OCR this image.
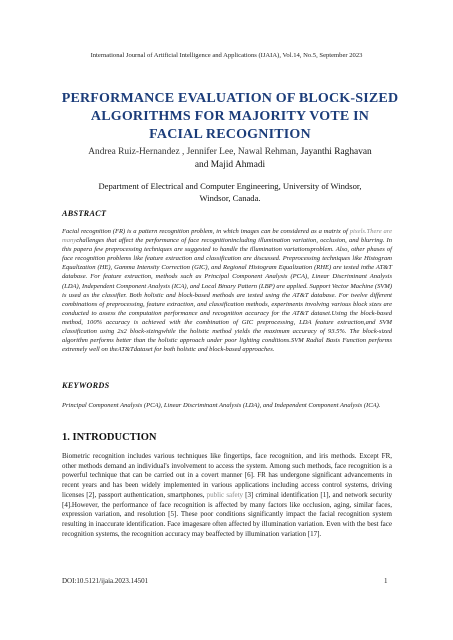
International Journal of Artificial Intelligence and Applications (IJAIA), Vol.14, No.5, September 2023
PERFORMANCE EVALUATION OF BLOCK-SIZED
ALGORITHMS FOR MAJORITY VOTE IN
FACIAL RECOGNITION
Andrea Ruiz-Hernandez , Jennifer Lee, Nawal Rehman, Jayanthi Raghavan
and Majid Ahmadi
Department of Electrical and Computer Engineering, University of Windsor,
Windsor, Canada.
ABSTRACT
Facial recognition (FR) is a pattern recognition problem, in which images can be considered as a matrix of pixels.There are manychallenges that affect the performance of face recognitionincluding illumination variation, occlusion, and blurring. In this papera few preprocessing techniques are suggested to handle the illumination variationsproblem. Also, other phases of face recognition problems like feature extraction and classification are discussed. Preprocessing techniques like Histogram Equalization (HE), Gamma Intensity Correction (GIC), and Regional Histogram Equalization (RHE) are tested inthe AT&T database. For feature extraction, methods such as Principal Component Analysis (PCA), Linear Discriminant Analysis (LDA), Independent Component Analysis (ICA), and Local Binary Pattern (LBP) are applied. Support Vector Machine (SVM) is used as the classifier. Both holistic and block-based methods are tested using the AT&T database. For twelve different combinations of preprocessing, feature extraction, and classification methods, experiments involving various block sizes are conducted to assess the computation performance and recognition accuracy for the AT&T dataset.Using the block-based method, 100% accuracy is achieved with the combination of GIC preprocessing, LDA feature extraction,and SVM classification using 2x2 block-sizingwhile the holistic method yields the maximum accuracy of 93.5%. The block-sized algorithm performs better than the holistic approach under poor lighting conditions.SVM Radial Basis Function performs extremely well on theAT&Tdataset for both holistic and block-based approaches.
KEYWORDS
Principal Component Analysis (PCA), Linear Discriminant Analysis (LDA), and Independent Component Analysis (ICA).
1. INTRODUCTION
Biometric recognition includes various techniques like fingertips, face recognition, and iris methods. Except FR, other methods demand an individual's involvement to access the system. Among such methods, face recognition is a powerful technique that can be carried out in a covert manner [6]. FR has undergone significant advancements in recent years and has been widely implemented in various applications including access control systems, driving licenses [2], passport authentication, smartphones, public safety [3] criminal identification [1], and network security [4].However, the performance of face recognition is affected by many factors like occlusion, aging, similar faces, expression variation, and resolution [5]. These poor conditions significantly impact the facial recognition system resulting in inaccurate identification. Face imagesare often affected by illumination variation. Even with the best face recognition systems, the recognition accuracy may beaffected by illumination variation [17].
DOI:10.5121/ijaia.2023.14501	1
